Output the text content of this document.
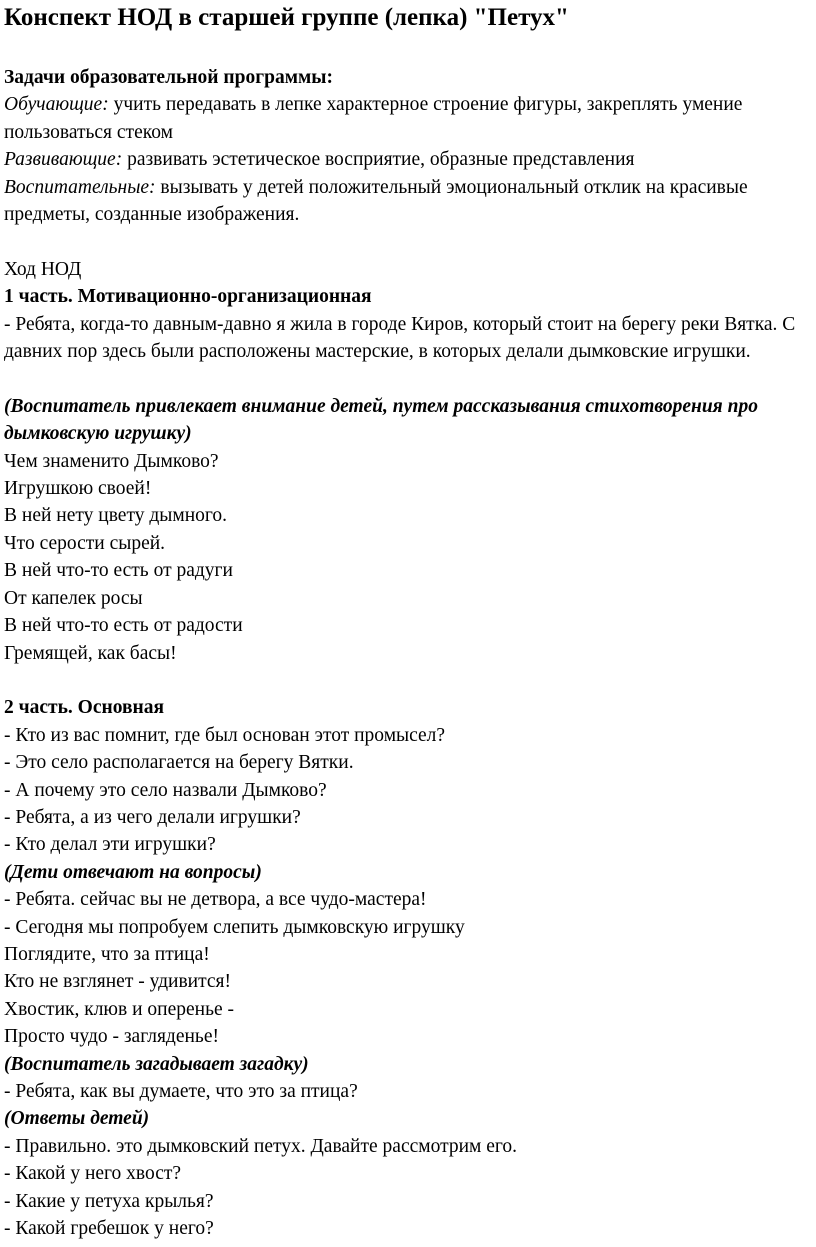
Конспект НОД в старшей группе (лепка) "Петух"

Задачи образовательной программы:

Обучающие: учить передавать в лепке характерное строение фигуры, закреплять умение пользоваться стеком

Развивающие: развивать эстетическое восприятие, образные представления

Воспитательные: вызывать у детей положительный эмоциональный отклик на красивые предметы, созданные изображения.

Ход НОД

1 часть. Мотивационно-организационная

- Ребята, когда-то давным-давно я жила в городе Киров, который стоит на берегу реки Вятка. С давних пор здесь были расположены мастерские, в которых делали дымковские игрушки.

(Воспитатель привлекает внимание детей, путем рассказывания стихотворения про дымковскую игрушку)

Чем знаменито Дымково?

Игрушкою своей!

В ней нету цвету дымного.

Что серости сырей.

В ней что-то есть от радуги

От капелек росы

В ней что-то есть от радости

Гремящей, как басы!

2 часть. Основная

- Кто из вас помнит, где был основан этот промысел?

- Это село располагается на берегу Вятки.

- А почему это село назвали Дымково?

- Ребята, а из чего делали игрушки?

- Кто делал эти игрушки?

(Дети отвечают на вопросы)

- Ребята. сейчас вы не детвора, а все чудо-мастера!

- Сегодня мы попробуем слепить дымковскую игрушку

Поглядите, что за птица!

Кто не взглянет - удивится!

Хвостик, клюв и оперенье -

Просто чудо - загляденье!

(Воспитатель загадывает загадку)

- Ребята, как вы думаете, что это за птица?

(Ответы детей)

- Правильно. это дымковский петух. Давайте рассмотрим его.

- Какой у него хвост?

- Какие у петуха крылья?

- Какой гребешок у него?
